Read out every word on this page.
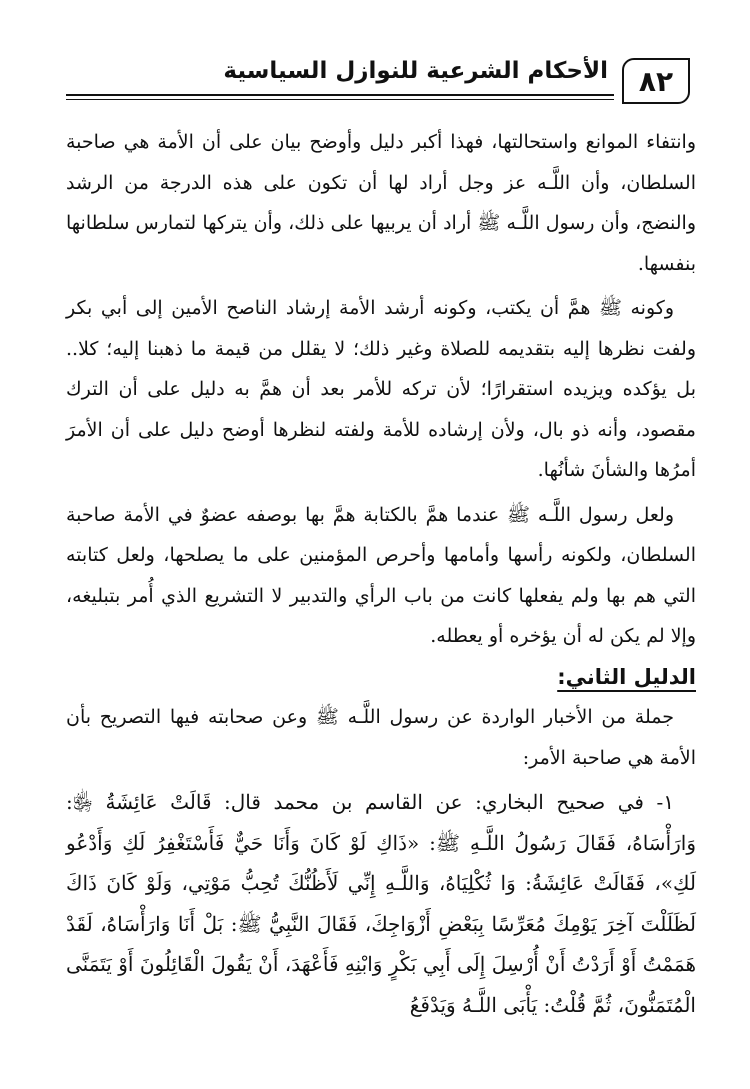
٨٢
الأحكام الشرعية للنوازل السياسية

وانتفاء الموانع واستحالتها، فهذا أكبر دليل وأوضح بيان على أن الأمة هي صاحبة السلطان، وأن اللَّـه عز وجل أراد لها أن تكون على هذه الدرجة من الرشد والنضج، وأن رسول اللَّـه ﷺ أراد أن يربيها على ذلك، وأن يتركها لتمارس سلطانها بنفسها.

وكونه ﷺ همَّ أن يكتب، وكونه أرشد الأمة إرشاد الناصح الأمين إلى أبي بكر ولفت نظرها إليه بتقديمه للصلاة وغير ذلك؛ لا يقلل من قيمة ما ذهبنا إليه؛ كلا.. بل يؤكده ويزيده استقرارًا؛ لأن تركه للأمر بعد أن همَّ به دليل على أن الترك مقصود، وأنه ذو بال، ولأن إرشاده للأمة ولفته لنظرها أوضح دليل على أن الأمرَ أمرُها والشأنَ شأنُها.

ولعل رسول اللَّـه ﷺ عندما همَّ بالكتابة همَّ بها بوصفه عضوٌ في الأمة صاحبة السلطان، ولكونه رأسها وأمامها وأحرص المؤمنين على ما يصلحها، ولعل كتابته التي هم بها ولم يفعلها كانت من باب الرأي والتدبير لا التشريع الذي أُمر بتبليغه، وإلا لم يكن له أن يؤخره أو يعطله.

الدليل الثاني:

جملة من الأخبار الواردة عن رسول اللَّـه ﷺ وعن صحابته فيها التصريح بأن الأمة هي صاحبة الأمر:

١- في صحيح البخاري: عن القاسم بن محمد قال: قَالَتْ عَائِشَةُ ﵂: وَارَأْسَاهُ، فَقَالَ رَسُولُ اللَّـهِ ﷺ: «ذَاكِ لَوْ كَانَ وَأَنَا حَيٌّ فَأَسْتَغْفِرُ لَكِ وَأَدْعُو لَكِ»، فَقَالَتْ عَائِشَةُ: وَا ثُكْلِيَاهُ، وَاللَّـهِ إِنِّي لَأَظُنُّكَ تُحِبُّ مَوْتِي، وَلَوْ كَانَ ذَاكَ لَظَلَلْتَ آخِرَ يَوْمِكَ مُعَرِّسًا بِبَعْضِ أَزْوَاجِكَ، فَقَالَ النَّبِيُّ ﷺ: بَلْ أَنَا وَارَأْسَاهُ، لَقَدْ هَمَمْتُ أَوْ أَرَدْتُ أَنْ أُرْسِلَ إِلَى أَبِي بَكْرٍ وَابْنِهِ فَأَعْهَدَ، أَنْ يَقُولَ الْقَائِلُونَ أَوْ يَتَمَنَّى الْمُتَمَنُّونَ، ثُمَّ قُلْتُ: يَأْبَى اللَّـهُ وَيَدْفَعُ
